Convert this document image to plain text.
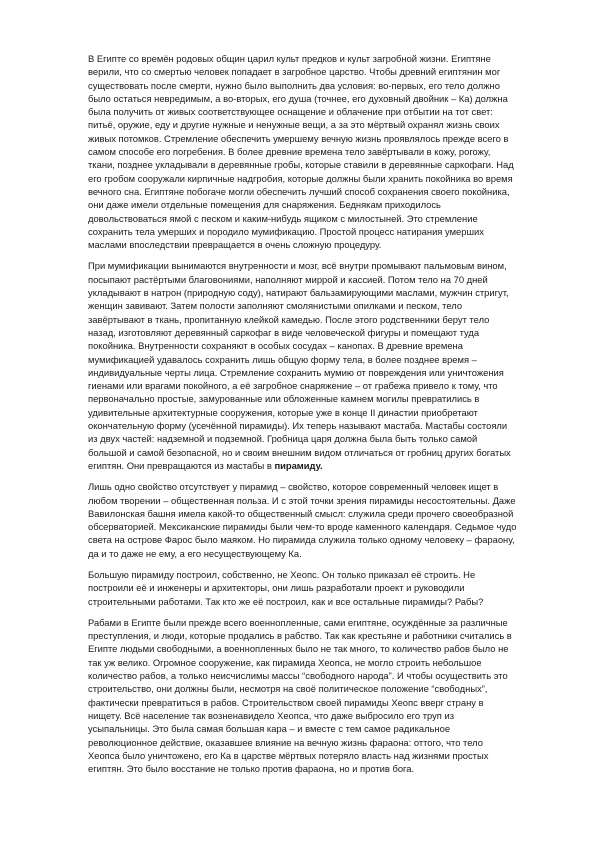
В Египте со времён родовых общин царил культ предков и культ загробной жизни. Египтяне верили, что со смертью человек попадает в загробное царство. Чтобы древний египтянин мог существовать после смерти, нужно было выполнить два условия: во-первых, его тело должно было остаться невредимым, а во-вторых, его душа (точнее, его духовный двойник – Ка) должна была получить от живых соответствующее оснащение и облачение при отбытии на тот свет: питьё, оружие, еду и другие нужные и ненужные вещи, а за это мёртвый охранял жизнь своих живых потомков. Стремление обеспечить умершему вечную жизнь проявлялось прежде всего в самом способе его погребения. В более древние времена тело завёртывали в кожу, рогожу, ткани, позднее укладывали в деревянные гробы, которые ставили в деревянные саркофаги. Над его гробом сооружали кирпичные надгробия, которые должны были хранить покойника во время вечного сна. Египтяне побогаче могли обеспечить лучший способ сохранения своего покойника, они даже имели отдельные помещения для снаряжения. Беднякам приходилось довольствоваться ямой с песком и каким-нибудь ящиком с милостыней. Это стремление сохранить тела умерших и породило мумификацию. Простой процесс натирания умерших маслами впоследствии превращается в очень сложную процедуру.

При мумификации вынимаются внутренности и мозг, всё внутри промывают пальмовым вином, посыпают растёртыми благовониями, наполняют миррой и кассией. Потом тело на 70 дней укладывают в натрон (природную соду), натирают бальзамирующими маслами, мужчин стригут, женщин завивают. Затем полости заполняют смолянистыми опилками и песком, тело завёртывают в ткань, пропитанную клейкой камедью. После этого родственники берут тело назад, изготовляют деревянный саркофаг в виде человеческой фигуры и помещают туда покойника. Внутренности сохраняют в особых сосудах – канопах. В древние времена мумификацией удавалось сохранить лишь общую форму тела, в более позднее время – индивидуальные черты лица. Стремление сохранить мумию от повреждения или уничтожения гиенами или врагами покойного, а её загробное снаряжение – от грабежа привело к тому, что первоначально простые, замурованные или обложенные камнем могилы превратились в удивительные архитектурные сооружения, которые уже в конце II династии приобретают окончательную форму (усечённой пирамиды). Их теперь называют мастаба. Мастабы состояли из двух частей: надземной и подземной. Гробница царя должна была быть только самой большой и самой безопасной, но и своим внешним видом отличаться от гробниц других богатых египтян. Они превращаются из мастабы в пирамиду.

Лишь одно свойство отсутствует у пирамид – свойство, которое современный человек ищет в любом творении – общественная польза. И с этой точки зрения пирамиды несостоятельны. Даже Вавилонская башня имела какой-то общественный смысл: служила среди прочего своеобразной обсерваторией. Мексиканские пирамиды были чем-то вроде каменного календаря. Седьмое чудо света на острове Фарос было маяком. Но пирамида служила только одному человеку – фараону, да и то даже не ему, а его несуществующему Ка.

Большую пирамиду построил, собственно, не Хеопс. Он только приказал её строить. Не построили её и инженеры и архитекторы, они лишь разработали проект и руководили строительными работами. Так кто же её построил, как и все остальные пирамиды? Рабы?

Рабами в Египте были прежде всего военнопленные, сами египтяне, осуждённые за различные преступления, и люди, которые продались в рабство. Так как крестьяне и работники считались в Египте людьми свободными, а военнопленных было не так много, то количество рабов было не так уж велико. Огромное сооружение, как пирамида Хеопса, не могло строить небольшое количество рабов, а только неисчислимы массы “свободного народа”. И чтобы осуществить это строительство, они должны были, несмотря на своё политическое положение “свободных”, фактически превратиться в рабов. Строительством своей пирамиды Хеопс вверг страну в нищету. Всё население так возненавидело Хеопса, что даже выбросило его труп из усыпальницы. Это была самая большая кара – и вместе с тем самое радикальное революционное действие, оказавшее влияние на вечную жизнь фараона: оттого, что тело Хеопса было уничтожено, его Ка в царстве мёртвых потеряло власть над жизнями простых египтян. Это было восстание не только против фараона, но и против бога.
